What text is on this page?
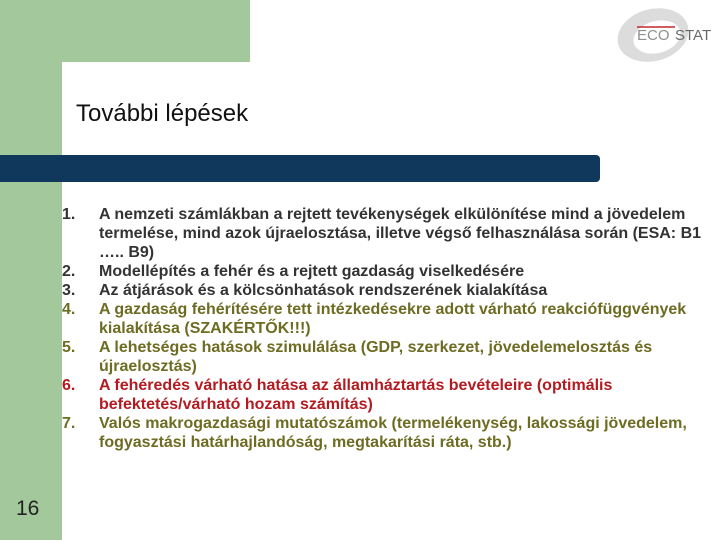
ECO STAT
További lépések
1.	A nemzeti számlákban a rejtett tevékenységek elkülönítése mind a jövedelem termelése, mind azok újraelosztása, illetve végső felhasználása során (ESA: B1 ….. B9)
2.	Modellépítés a fehér és a rejtett gazdaság viselkedésére
3.	Az átjárások és a kölcsönhatások rendszerének kialakítása
4.	A gazdaság fehérítésére tett intézkedésekre adott várható reakciófüggvények kialakítása (SZAKÉRTŐK!!!)
5.	A lehetséges hatások szimulálása (GDP, szerkezet, jövedelemelosztás és újraelosztás)
6.	A fehéredés várható hatása az államháztartás bevételeire (optimális befektetés/várható hozam számítás)
7.	Valós makrogazdasági mutatószámok (termelékenység, lakossági jövedelem, fogyasztási határhajlandóság, megtakarítási ráta, stb.)
16
